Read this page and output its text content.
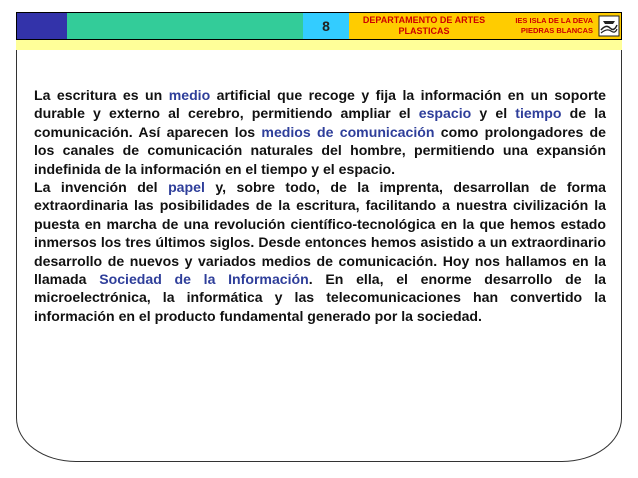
8	DEPARTAMENTO DE ARTES
PLASTICAS
IES ISLA DE LA DEVA
PIEDRAS BLANCAS

La escritura es un medio artificial que recoge y fija la información en un soporte durable y externo al cerebro, permitiendo ampliar el espacio y el tiempo de la comunicación. Así aparecen los medios de comunicación como prolongadores de los canales de comunicación naturales del hombre, permitiendo una expansión indefinida de la información en el tiempo y el espacio.

La invención del papel y, sobre todo, de la imprenta, desarrollan de forma extraordinaria las posibilidades de la escritura, facilitando a nuestra civilización la puesta en marcha de una revolución científico-tecnológica en la que hemos estado inmersos los tres últimos siglos. Desde entonces hemos asistido a un extraordinario desarrollo de nuevos y variados medios de comunicación. Hoy nos hallamos en la llamada Sociedad de la Información. En ella, el enorme desarrollo de la microelectrónica, la informática y las telecomunicaciones han convertido la información en el producto fundamental generado por la sociedad.
